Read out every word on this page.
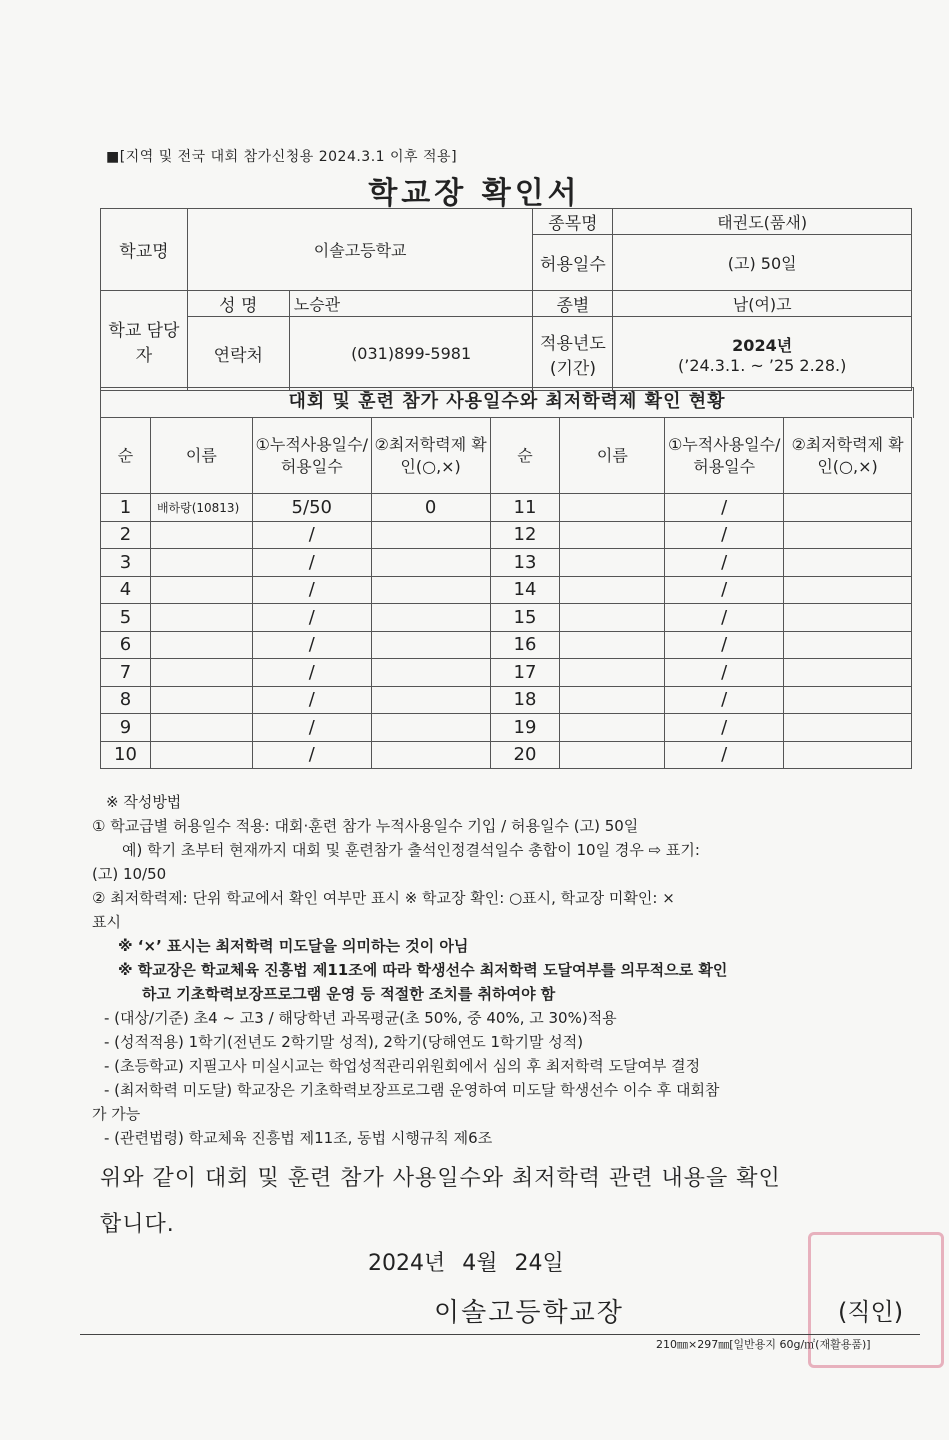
■[지역 및 전국 대회 참가신청용 2024.3.1 이후 적용]
학교장 확인서
학교명	이솔고등학교		종목명	태권도(품새)
			허용일수	(고) 50일
학교 담당자	성 명	노승관	종별	남(여)고
	연락처	(031)899-5981	적용년도 (기간)	2024년
(’24.3.1. ~ ’25 2.28.)
대회 및 훈련 참가 사용일수와 최저학력제 확인 현황
순	이름	①누적사용일수/허용일수	②최저학력제 확인(○,×)	순	이름	①누적사용일수/허용일수	②최저학력제 확인(○,×)
1	배하랑(10813)	5/50	0	11		/	
2		/		12		/	
3		/		13		/	
4		/		14		/	
5		/		15		/	
6		/		16		/	
7		/		17		/	
8		/		18		/	
9		/		19		/	
10		/		20		/	
※ 작성방법
① 학교급별 허용일수 적용: 대회·훈련 참가 누적사용일수 기입 / 허용일수 (고) 50일
예) 학기 초부터 현재까지 대회 및 훈련참가 출석인정결석일수 총합이 10일 경우 ⇨ 표기:
(고) 10/50
② 최저학력제: 단위 학교에서 확인 여부만 표시 ※ 학교장 확인: ○표시, 학교장 미확인: ×
표시
※ ‘×’ 표시는 최저학력 미도달을 의미하는 것이 아님
※ 학교장은 학교체육 진흥법 제11조에 따라 학생선수 최저학력 도달여부를 의무적으로 확인
하고 기초학력보장프로그램 운영 등 적절한 조치를 취하여야 함
- (대상/기준) 초4 ~ 고3 / 해당학년 과목평균(초 50%, 중 40%, 고 30%)적용
- (성적적용) 1학기(전년도 2학기말 성적), 2학기(당해연도 1학기말 성적)
- (초등학교) 지필고사 미실시교는 학업성적관리위원회에서 심의 후 최저학력 도달여부 결정
- (최저학력 미도달) 학교장은 기초학력보장프로그램 운영하여 미도달 학생선수 이수 후 대회참
가 가능
- (관련법령) 학교체육 진흥법 제11조, 동법 시행규칙 제6조
위와 같이 대회 및 훈련 참가 사용일수와 최저학력 관련 내용을 확인
합니다.
2024년 4월 24일
이솔고등학교장	(직인)
210㎜×297㎜[일반용지 60g/㎡(재활용품)]
